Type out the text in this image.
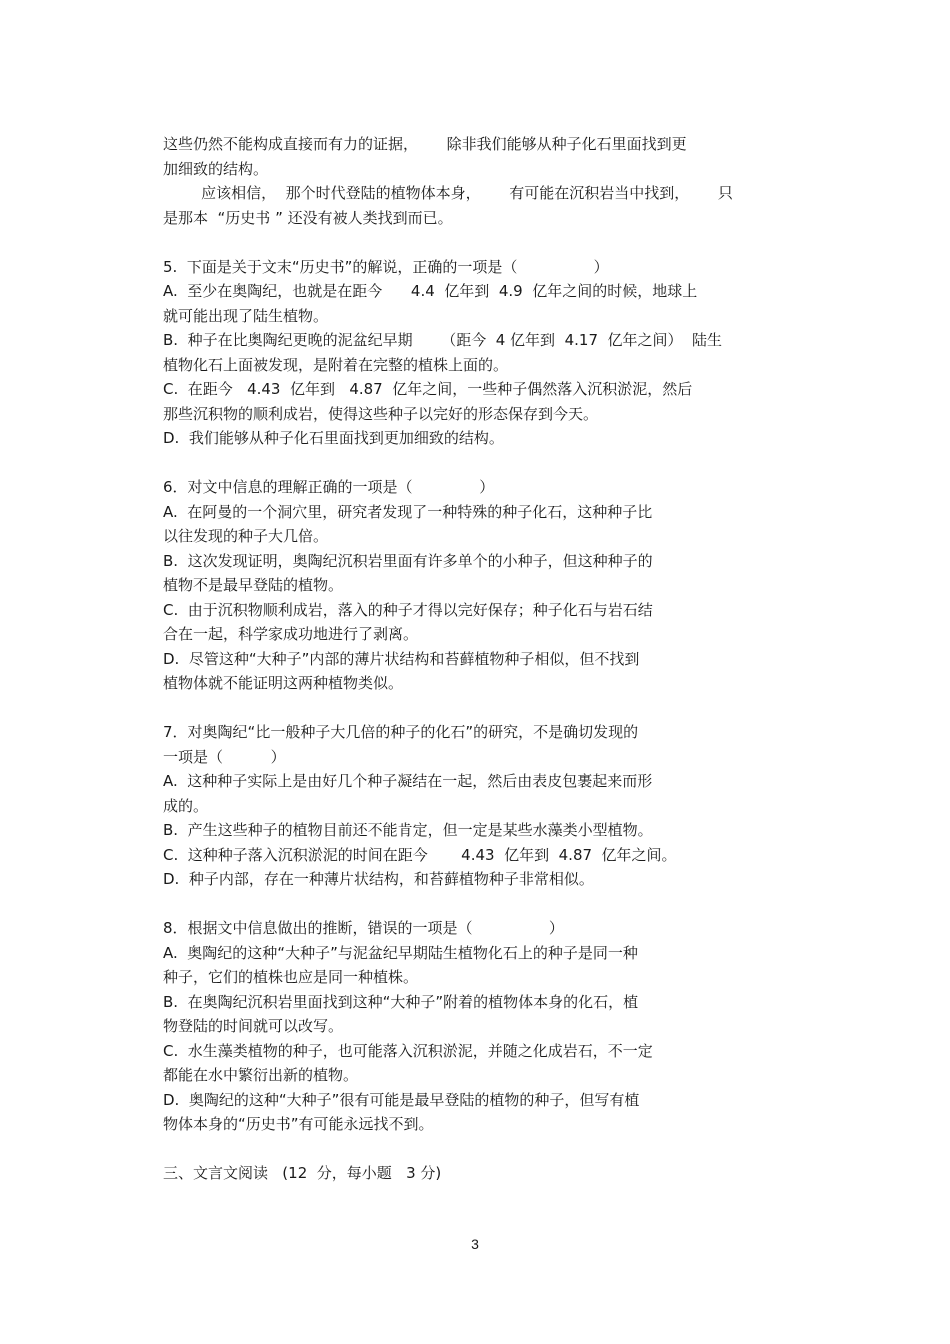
这些仍然不能构成直接而有力的证据，      除非我们能够从种子化石里面找到更
加细致的结构。
应该相信，  那个时代登陆的植物体本身，      有可能在沉积岩当中找到，      只
是那本  “历史书 ” 还没有被人类找到而已。
5.  下面是关于文末“历史书”的解说，正确的一项是（                ）
A.  至少在奥陶纪，也就是在距今      4.4  亿年到  4.9  亿年之间的时候，地球上
就可能出现了陆生植物。
B.  种子在比奥陶纪更晚的泥盆纪早期      （距今  4 亿年到  4.17  亿年之间）  陆生
植物化石上面被发现，是附着在完整的植株上面的。
C.  在距今   4.43  亿年到   4.87  亿年之间，一些种子偶然落入沉积淤泥，然后
那些沉积物的顺利成岩，使得这些种子以完好的形态保存到今天。
D.  我们能够从种子化石里面找到更加细致的结构。
6．对文中信息的理解正确的一项是（              ）
A.  在阿曼的一个洞穴里，研究者发现了一种特殊的种子化石，这种种子比
以往发现的种子大几倍。
B.  这次发现证明，奥陶纪沉积岩里面有许多单个的小种子，但这种种子的
植物不是最早登陆的植物。
C.  由于沉积物顺利成岩，落入的种子才得以完好保存；种子化石与岩石结
合在一起，科学家成功地进行了剥离。
D.  尽管这种“大种子”内部的薄片状结构和苔藓植物种子相似，但不找到
植物体就不能证明这两种植物类似。
7．对奥陶纪“比一般种子大几倍的种子的化石”的研究，不是确切发现的
一项是（          ）
A.  这种种子实际上是由好几个种子凝结在一起，然后由表皮包裹起来而形
成的。
B.  产生这些种子的植物目前还不能肯定，但一定是某些水藻类小型植物。
C.  这种种子落入沉积淤泥的时间在距今       4.43  亿年到  4.87  亿年之间。
D.  种子内部，存在一种薄片状结构，和苔藓植物种子非常相似。
8．根据文中信息做出的推断，错误的一项是（                ）
A.  奥陶纪的这种“大种子”与泥盆纪早期陆生植物化石上的种子是同一种
种子，它们的植株也应是同一种植株。
B.  在奥陶纪沉积岩里面找到这种“大种子”附着的植物体本身的化石，植
物登陆的时间就可以改写。
C.  水生藻类植物的种子，也可能落入沉积淤泥，并随之化成岩石，不一定
都能在水中繁衍出新的植物。
D.  奥陶纪的这种“大种子”很有可能是最早登陆的植物的种子，但写有植
物体本身的“历史书”有可能永远找不到。
三、文言文阅读   (12  分，每小题   3 分)
3
